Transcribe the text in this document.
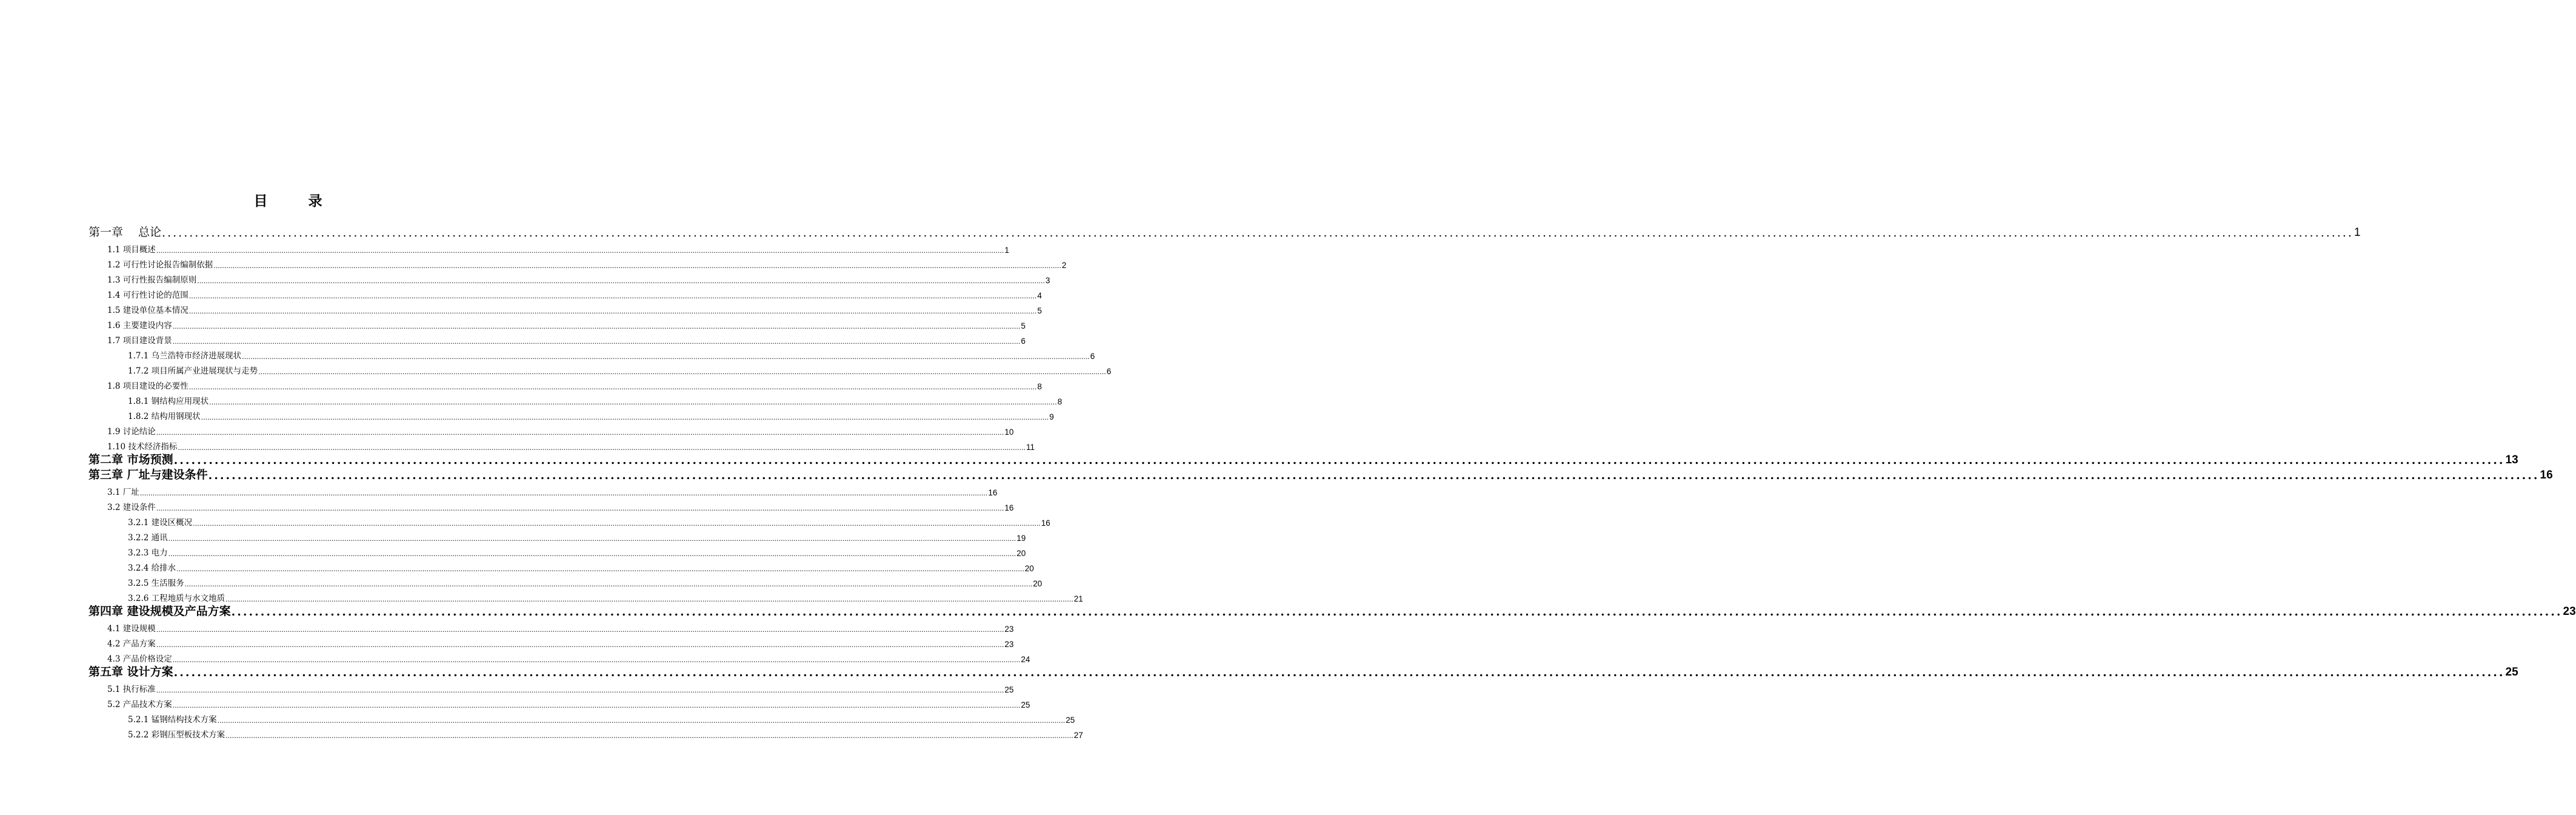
目　录
第一章　 总论 ................................................................................................................................................................................................................................................................................................................................................................................................................ 1
1.1 项目概述 ................................................................................................................................................................................................................................................................................................................................................................................................................ 1
1.2 可行性讨论报告编制依据 ................................................................................................................................................................................................................................................................................................................................................................................................................ 2
1.3 可行性报告编制原则 ................................................................................................................................................................................................................................................................................................................................................................................................................ 3
1.4 可行性讨论的范围 ................................................................................................................................................................................................................................................................................................................................................................................................................ 4
1.5 建设单位基本情况 ................................................................................................................................................................................................................................................................................................................................................................................................................ 5
1.6 主要建设内容 ................................................................................................................................................................................................................................................................................................................................................................................................................ 5
1.7 项目建设背景 ................................................................................................................................................................................................................................................................................................................................................................................................................ 6
1.7.1 乌兰浩特市经济进展现状 ................................................................................................................................................................................................................................................................................................................................................................................................................ 6
1.7.2 项目所属产业进展现状与走势 ................................................................................................................................................................................................................................................................................................................................................................................................................ 6
1.8 项目建设的必要性 ................................................................................................................................................................................................................................................................................................................................................................................................................ 8
1.8.1 钢结构应用现状 ................................................................................................................................................................................................................................................................................................................................................................................................................ 8
1.8.2 结构用钢现状 ................................................................................................................................................................................................................................................................................................................................................................................................................ 9
1.9 讨论结论 ................................................................................................................................................................................................................................................................................................................................................................................................................ 10
1.10 技术经济指标 ................................................................................................................................................................................................................................................................................................................................................................................................................ 11
第二章 市场预测 ................................................................................................................................................................................................................................................................................................................................................................................................................ 13
第三章 厂址与建设条件 ................................................................................................................................................................................................................................................................................................................................................................................................................ 16
3.1 厂址 ................................................................................................................................................................................................................................................................................................................................................................................................................ 16
3.2 建设条件 ................................................................................................................................................................................................................................................................................................................................................................................................................ 16
3.2.1 建设区概况 ................................................................................................................................................................................................................................................................................................................................................................................................................ 16
3.2.2 通讯 ................................................................................................................................................................................................................................................................................................................................................................................................................ 19
3.2.3 电力 ................................................................................................................................................................................................................................................................................................................................................................................................................ 20
3.2.4 给排水 ................................................................................................................................................................................................................................................................................................................................................................................................................ 20
3.2.5 生活服务 ................................................................................................................................................................................................................................................................................................................................................................................................................ 20
3.2.6 工程地质与水文地质 ................................................................................................................................................................................................................................................................................................................................................................................................................ 21
第四章 建设规模及产品方案 ................................................................................................................................................................................................................................................................................................................................................................................................................ 23
4.1 建设规模 ................................................................................................................................................................................................................................................................................................................................................................................................................ 23
4.2 产品方案 ................................................................................................................................................................................................................................................................................................................................................................................................................ 23
4.3 产品价格设定 ................................................................................................................................................................................................................................................................................................................................................................................................................ 24
第五章 设计方案 ................................................................................................................................................................................................................................................................................................................................................................................................................ 25
5.1 执行标准 ................................................................................................................................................................................................................................................................................................................................................................................................................ 25
5.2 产品技术方案 ................................................................................................................................................................................................................................................................................................................................................................................................................ 25
5.2.1 锰钢结构技术方案 ................................................................................................................................................................................................................................................................................................................................................................................................................ 25
5.2.2 彩钢压型板技术方案 ................................................................................................................................................................................................................................................................................................................................................................................................................ 27
